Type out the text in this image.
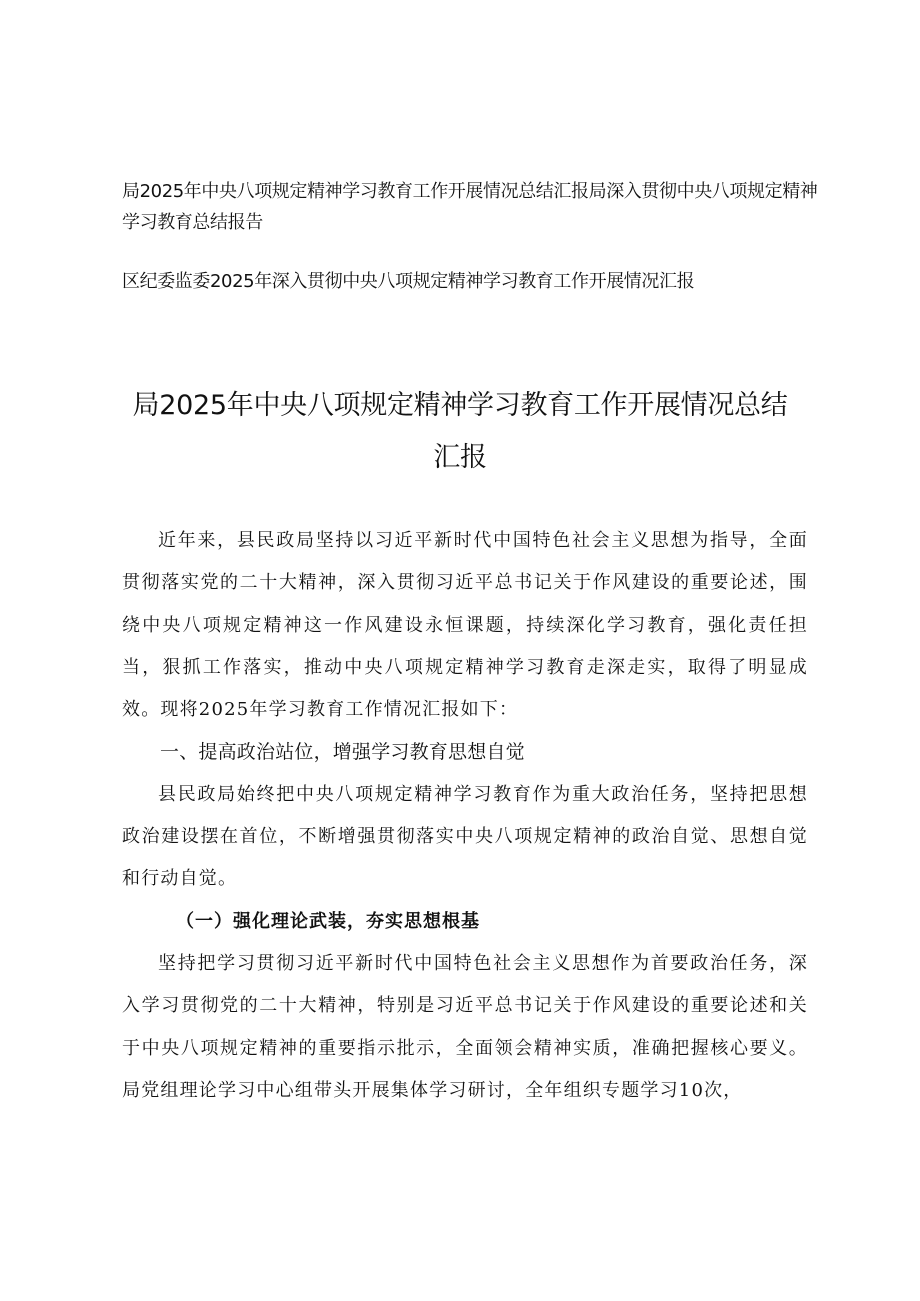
局2025年中央八项规定精神学习教育工作开展情况总结汇报局深入贯彻中央八项规定精神学习教育总结报告
区纪委监委2025年深入贯彻中央八项规定精神学习教育工作开展情况汇报
局2025年中央八项规定精神学习教育工作开展情况总结
汇报

近年来，县民政局坚持以习近平新时代中国特色社会主义思想为指导，全面贯彻落实党的二十大精神，深入贯彻习近平总书记关于作风建设的重要论述，围绕中央八项规定精神这一作风建设永恒课题，持续深化学习教育，强化责任担当，狠抓工作落实，推动中央八项规定精神学习教育走深走实，取得了明显成效。现将2025年学习教育工作情况汇报如下：

一、提高政治站位，增强学习教育思想自觉

县民政局始终把中央八项规定精神学习教育作为重大政治任务，坚持把思想政治建设摆在首位，不断增强贯彻落实中央八项规定精神的政治自觉、思想自觉和行动自觉。

（一）强化理论武装，夯实思想根基

坚持把学习贯彻习近平新时代中国特色社会主义思想作为首要政治任务，深入学习贯彻党的二十大精神，特别是习近平总书记关于作风建设的重要论述和关于中央八项规定精神的重要指示批示，全面领会精神实质，准确把握核心要义。局党组理论学习中心组带头开展集体学习研讨，全年组织专题学习10次，
